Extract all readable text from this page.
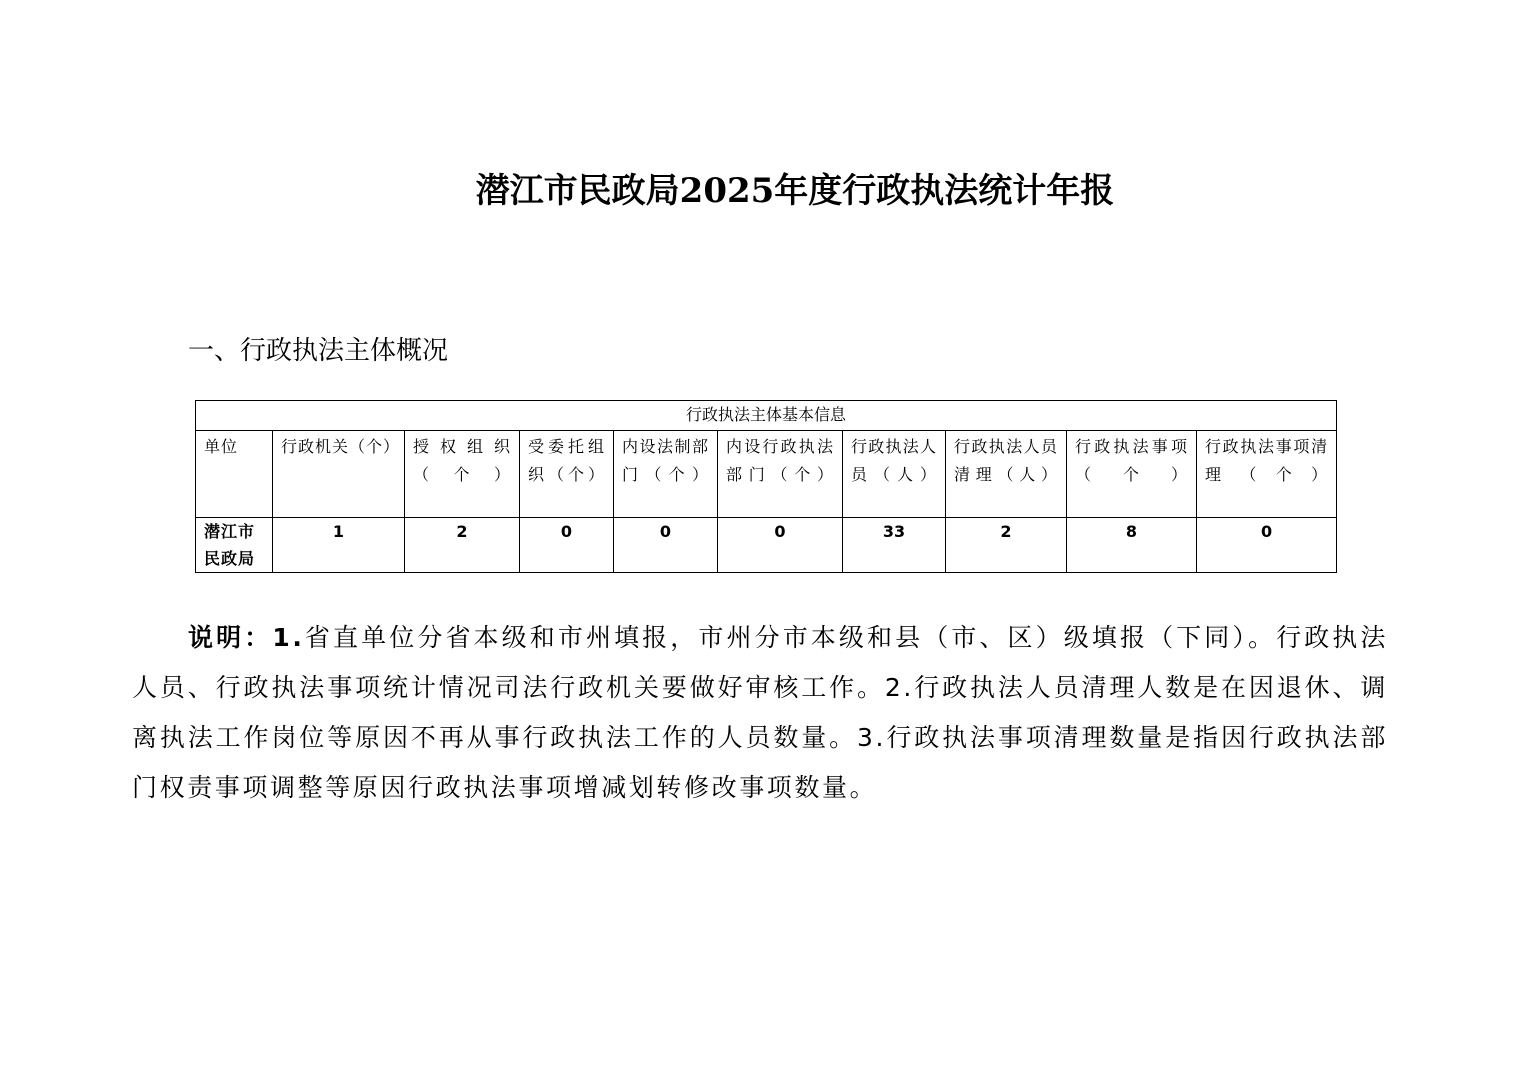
潜江市民政局2025年度行政执法统计年报
一、行政执法主体概况
行政执法主体基本信息									
单位	行政机关（个）	授权组织（个）	受委托组织（个）	内设法制部门（个）	内设行政执法部门（个）	行政执法人员（人）	行政执法人员清理（人）	行政执法事项（个）	行政执法事项清理（个）
潜江市民政局	1	2	0	0	0	33	2	8	0
说明：1.省直单位分省本级和市州填报，市州分市本级和县（市、区）级填报（下同）。行政执法人员、行政执法事项统计情况司法行政机关要做好审核工作。2.行政执法人员清理人数是在因退休、调离执法工作岗位等原因不再从事行政执法工作的人员数量。3.行政执法事项清理数量是指因行政执法部门权责事项调整等原因行政执法事项增减划转修改事项数量。
